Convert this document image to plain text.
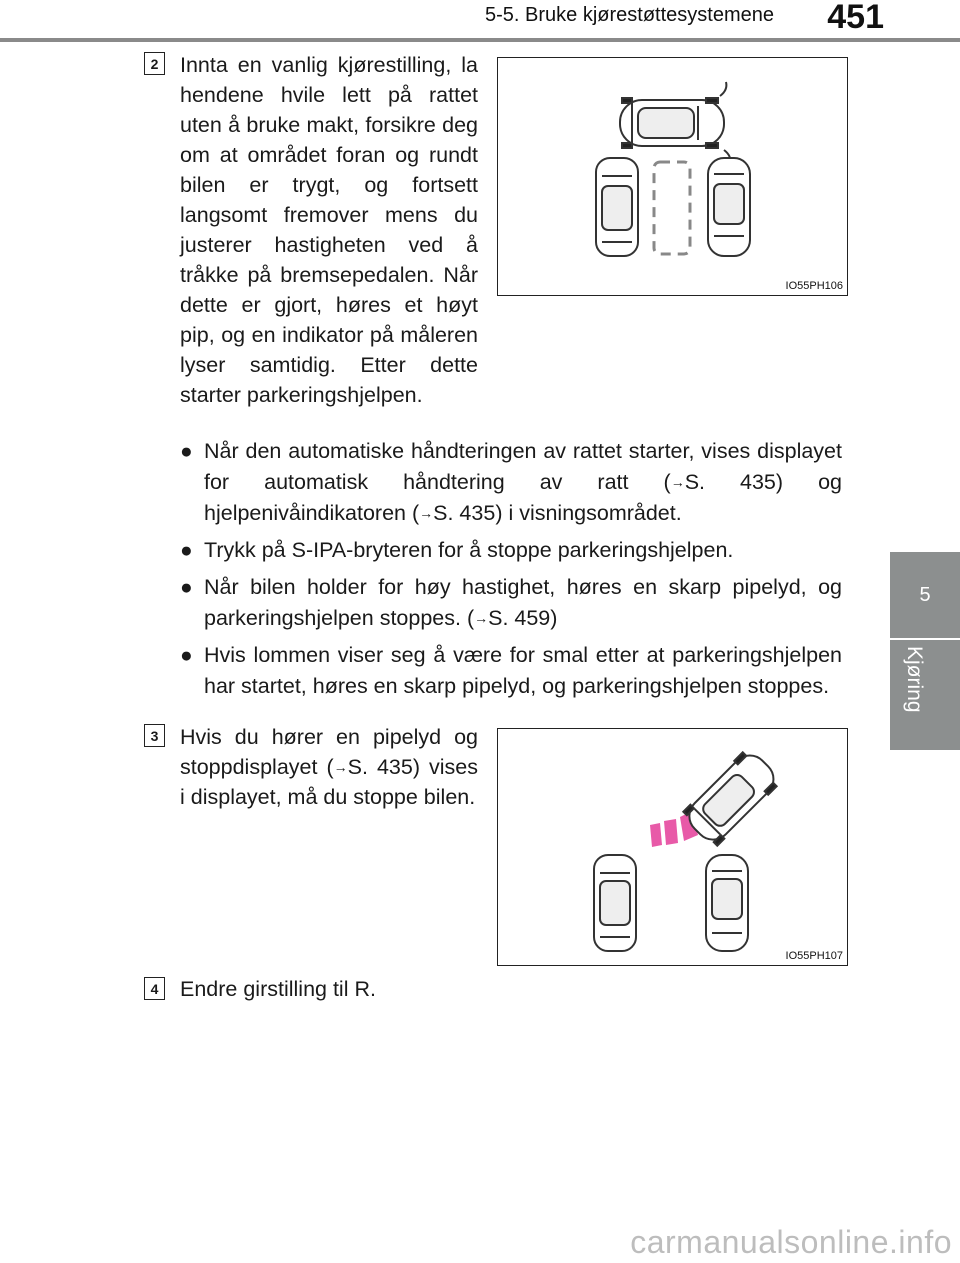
5-5. Bruke kjørestøttesystemene 451
5
Kjøring
2	Innta en vanlig kjørestilling, la hendene hvile lett på rattet uten å bruke makt, forsikre deg om at området foran og rundt bilen er trygt, og fortsett langsomt fremover mens du justerer hastigheten ved å tråkke på bremsepedalen. Når dette er gjort, høres et høyt pip, og en indikator på måleren lyser samtidig. Etter dette starter parkeringshjelpen.
IO55PH106
● Når den automatiske håndteringen av rattet starter, vises displayet for automatisk håndtering av ratt (→S. 435) og hjelpenivåindikatoren (→S. 435) i visningsområdet.
● Trykk på S-IPA-bryteren for å stoppe parkeringshjelpen.
● Når bilen holder for høy hastighet, høres en skarp pipelyd, og parkeringshjelpen stoppes. (→S. 459)
● Hvis lommen viser seg å være for smal etter at parkeringshjelpen har startet, høres en skarp pipelyd, og parkeringshjelpen stoppes.
3	Hvis du hører en pipelyd og stoppdisplayet (→S. 435) vises i displayet, må du stoppe bilen.
IO55PH107
4	Endre girstilling til R.
carmanualsonline.info
